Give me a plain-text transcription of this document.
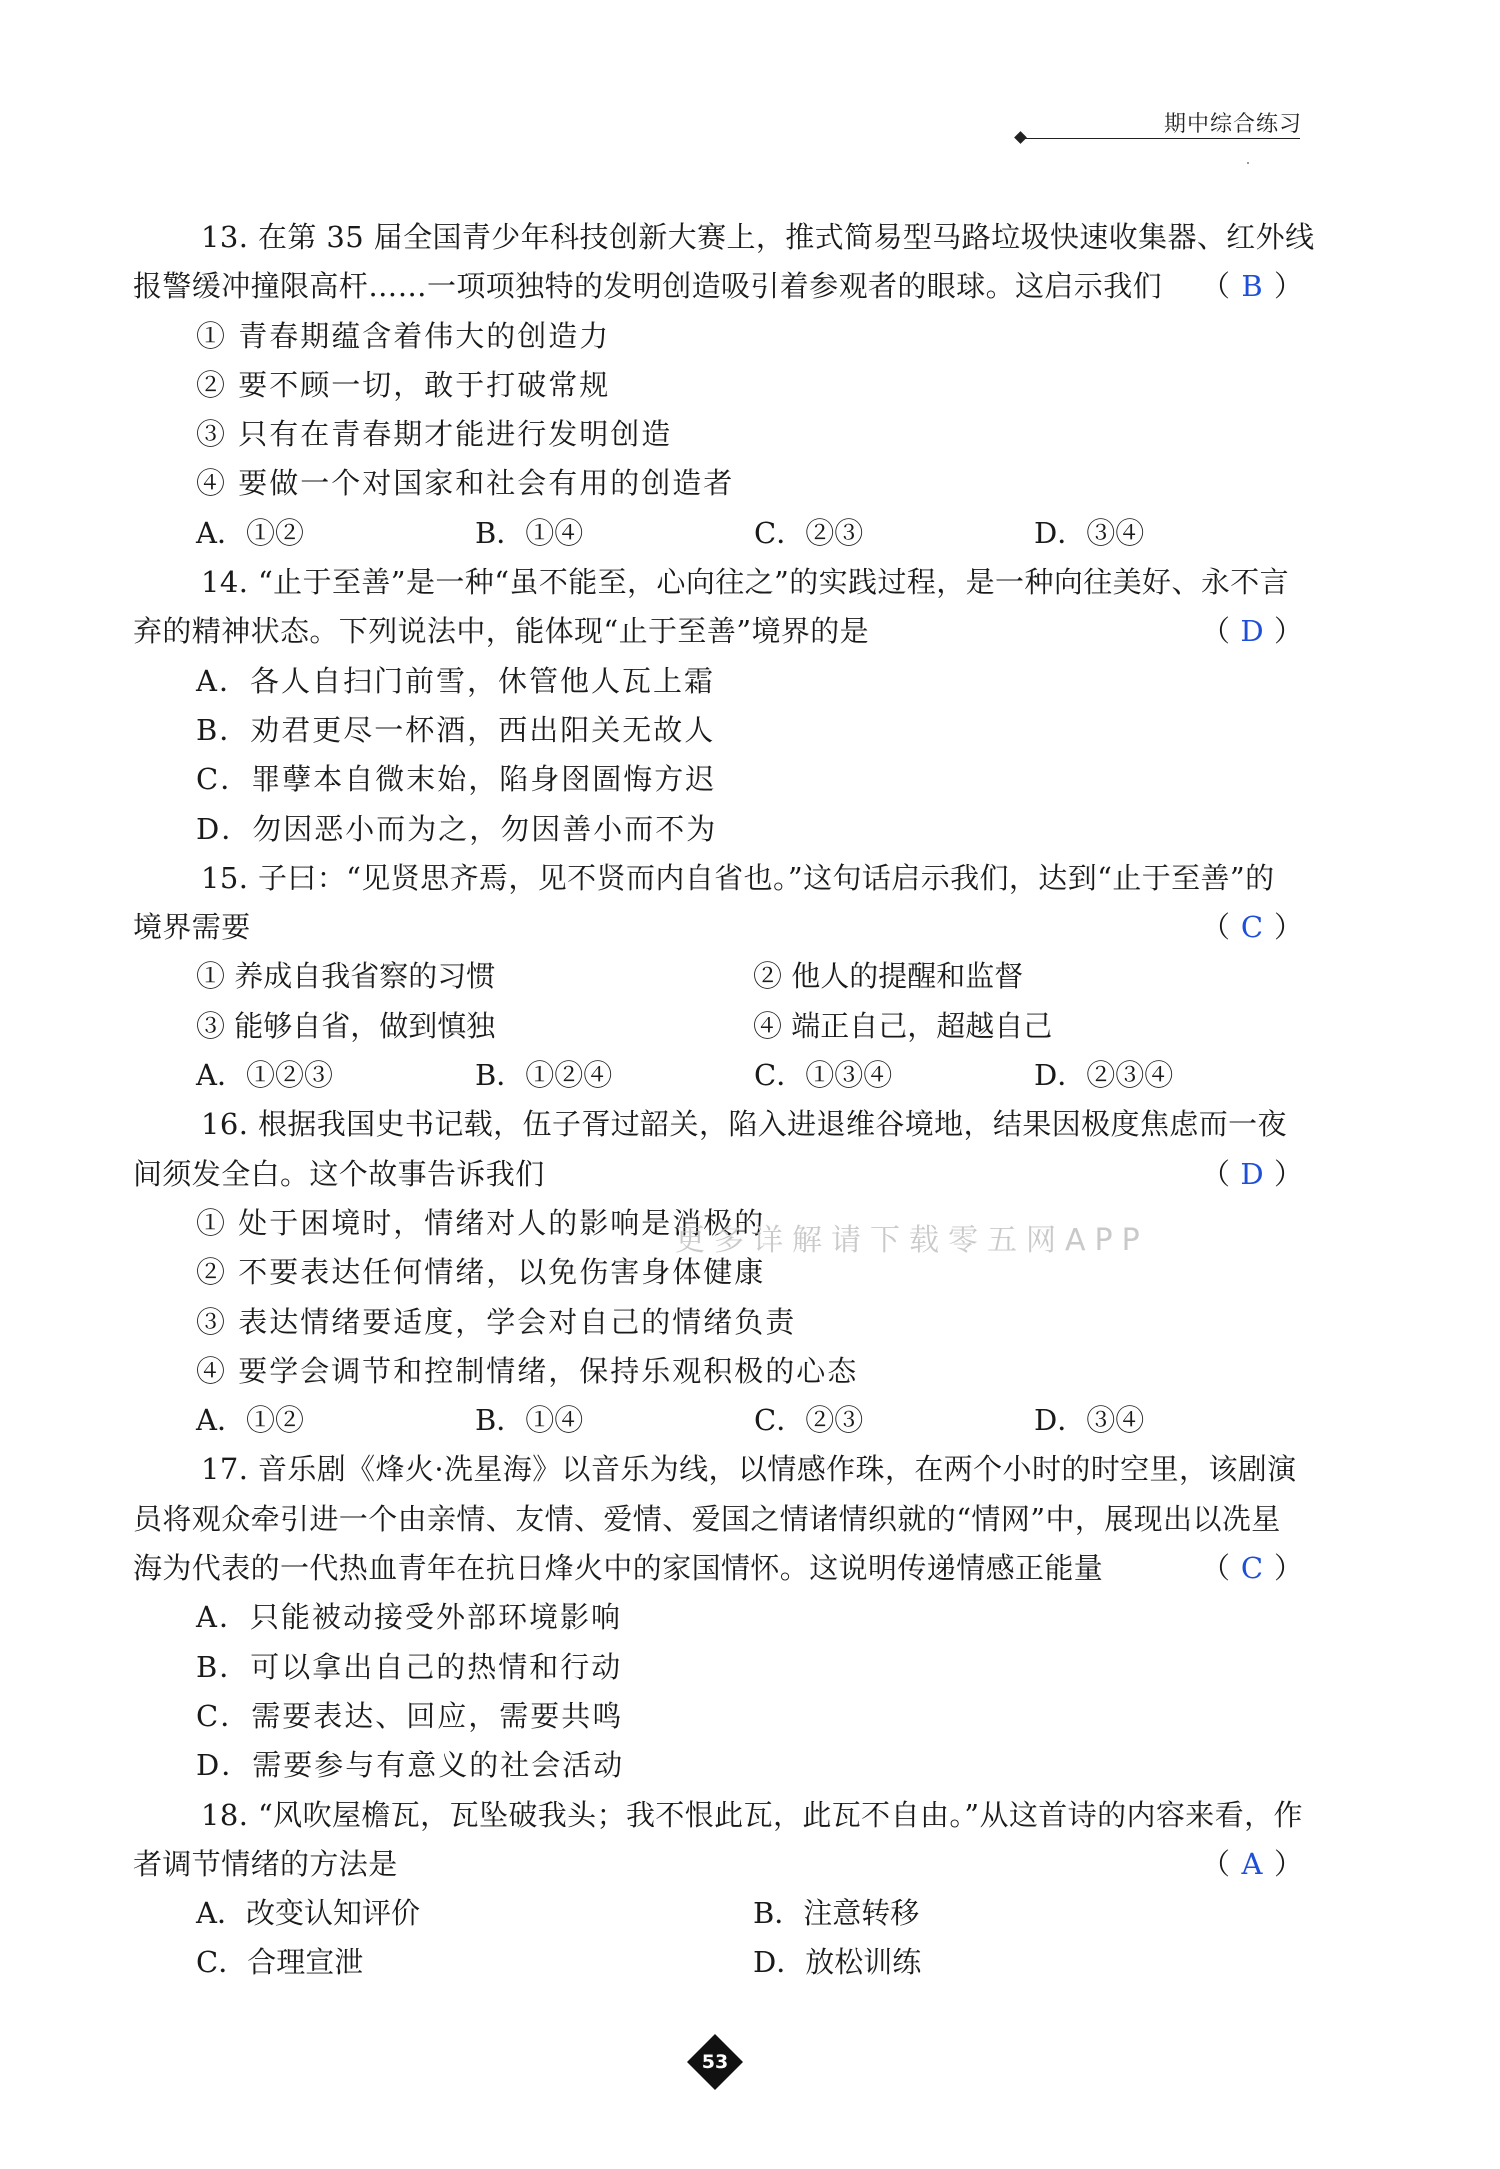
期中综合练习
13. 在第 35 届全国青少年科技创新大赛上，推式简易型马路垃圾快速收集器、红外线
报警缓冲撞限高杆……一项项独特的发明创造吸引着参观者的眼球。这启示我们 （ B ）
① 青春期蕴含着伟大的创造力
② 要不顾一切，敢于打破常规
③ 只有在青春期才能进行发明创造
④ 要做一个对国家和社会有用的创造者
A．①②	B．①④	C．②③	D．③④
14. “止于至善”是一种“虽不能至，心向往之”的实践过程，是一种向往美好、永不言
弃的精神状态。下列说法中，能体现“止于至善”境界的是	（ D ）
A．各人自扫门前雪，休管他人瓦上霜
B．劝君更尽一杯酒，西出阳关无故人
C．罪孽本自微末始，陷身囹圄悔方迟
D．勿因恶小而为之，勿因善小而不为
15. 子曰：“见贤思齐焉，见不贤而内自省也。”这句话启示我们，达到“止于至善”的
境界需要	（ C ）
① 养成自我省察的习惯	② 他人的提醒和监督
③ 能够自省，做到慎独	④ 端正自己，超越自己
A．①②③	B．①②④	C．①③④	D．②③④
16. 根据我国史书记载，伍子胥过韶关，陷入进退维谷境地，结果因极度焦虑而一夜
间须发全白。这个故事告诉我们	（ D ）
① 处于困境时，情绪对人的影响是消极的
② 不要表达任何情绪，以免伤害身体健康
③ 表达情绪要适度，学会对自己的情绪负责
④ 要学会调节和控制情绪，保持乐观积极的心态
A．①②	B．①④	C．②③	D．③④
17. 音乐剧《烽火·冼星海》以音乐为线，以情感作珠，在两个小时的时空里，该剧演
员将观众牵引进一个由亲情、友情、爱情、爱国之情诸情织就的“情网”中，展现出以冼星
海为代表的一代热血青年在抗日烽火中的家国情怀。这说明传递情感正能量	（ C ）
A．只能被动接受外部环境影响
B．可以拿出自己的热情和行动
C．需要表达、回应，需要共鸣
D．需要参与有意义的社会活动
18. “风吹屋檐瓦，瓦坠破我头；我不恨此瓦，此瓦不自由。”从这首诗的内容来看，作
者调节情绪的方法是	（ A ）
A．改变认知评价	B．注意转移
C．合理宣泄	D．放松训练
更多详解请下载零五网APP
53
